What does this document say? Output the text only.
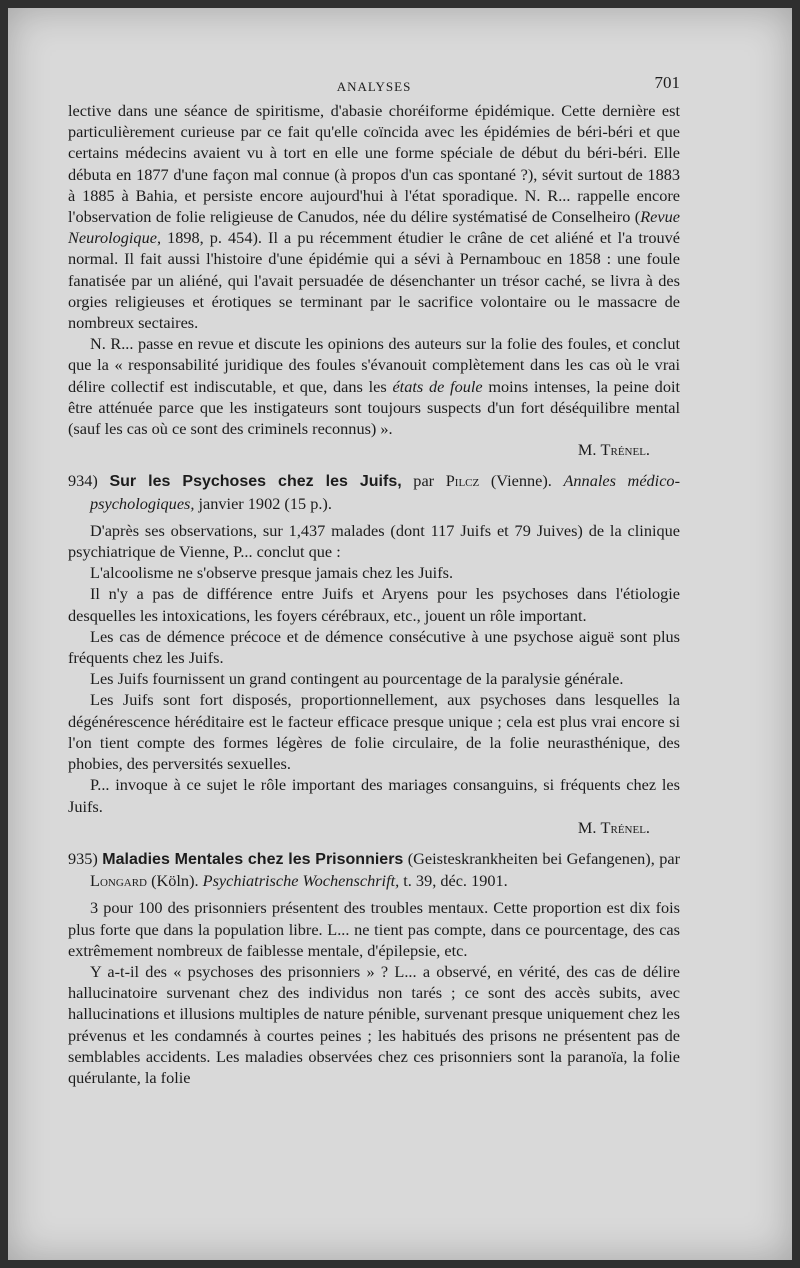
ANALYSES	701

lective dans une séance de spiritisme, d'abasie choréiforme épidémique. Cette dernière est particulièrement curieuse par ce fait qu'elle coïncida avec les épidémies de béri-béri et que certains médecins avaient vu à tort en elle une forme spéciale de début du béri-béri. Elle débuta en 1877 d'une façon mal connue (à propos d'un cas spontané ?), sévit surtout de 1883 à 1885 à Bahia, et persiste encore aujourd'hui à l'état sporadique. N. R... rappelle encore l'observation de folie religieuse de Canudos, née du délire systématisé de Conselheiro (Revue Neurologique, 1898, p. 454). Il a pu récemment étudier le crâne de cet aliéné et l'a trouvé normal. Il fait aussi l'histoire d'une épidémie qui a sévi à Pernambouc en 1858 : une foule fanatisée par un aliéné, qui l'avait persuadée de désenchanter un trésor caché, se livra à des orgies religieuses et érotiques se terminant par le sacrifice volontaire ou le massacre de nombreux sectaires.

N. R... passe en revue et discute les opinions des auteurs sur la folie des foules, et conclut que la « responsabilité juridique des foules s'évanouit complètement dans les cas où le vrai délire collectif est indiscutable, et que, dans les états de foule moins intenses, la peine doit être atténuée parce que les instigateurs sont toujours suspects d'un fort déséquilibre mental (sauf les cas où ce sont des criminels reconnus) ».

M. Trénel.

934) Sur les Psychoses chez les Juifs, par Pilcz (Vienne). Annales médico-psychologiques, janvier 1902 (15 p.).

D'après ses observations, sur 1,437 malades (dont 117 Juifs et 79 Juives) de la clinique psychiatrique de Vienne, P... conclut que :

L'alcoolisme ne s'observe presque jamais chez les Juifs.

Il n'y a pas de différence entre Juifs et Aryens pour les psychoses dans l'étiologie desquelles les intoxications, les foyers cérébraux, etc., jouent un rôle important.

Les cas de démence précoce et de démence consécutive à une psychose aiguë sont plus fréquents chez les Juifs.

Les Juifs fournissent un grand contingent au pourcentage de la paralysie générale.

Les Juifs sont fort disposés, proportionnellement, aux psychoses dans lesquelles la dégénérescence héréditaire est le facteur efficace presque unique ; cela est plus vrai encore si l'on tient compte des formes légères de folie circulaire, de la folie neurasthénique, des phobies, des perversités sexuelles.

P... invoque à ce sujet le rôle important des mariages consanguins, si fréquents chez les Juifs.

M. Trénel.

935) Maladies Mentales chez les Prisonniers (Geisteskrankheiten bei Gefangenen), par Longard (Köln). Psychiatrische Wochenschrift, t. 39, déc. 1901.

3 pour 100 des prisonniers présentent des troubles mentaux. Cette proportion est dix fois plus forte que dans la population libre. L... ne tient pas compte, dans ce pourcentage, des cas extrêmement nombreux de faiblesse mentale, d'épilepsie, etc.

Y a-t-il des « psychoses des prisonniers » ? L... a observé, en vérité, des cas de délire hallucinatoire survenant chez des individus non tarés ; ce sont des accès subits, avec hallucinations et illusions multiples de nature pénible, survenant presque uniquement chez les prévenus et les condamnés à courtes peines ; les habitués des prisons ne présentent pas de semblables accidents. Les maladies observées chez ces prisonniers sont la paranoïa, la folie quérulante, la folie
